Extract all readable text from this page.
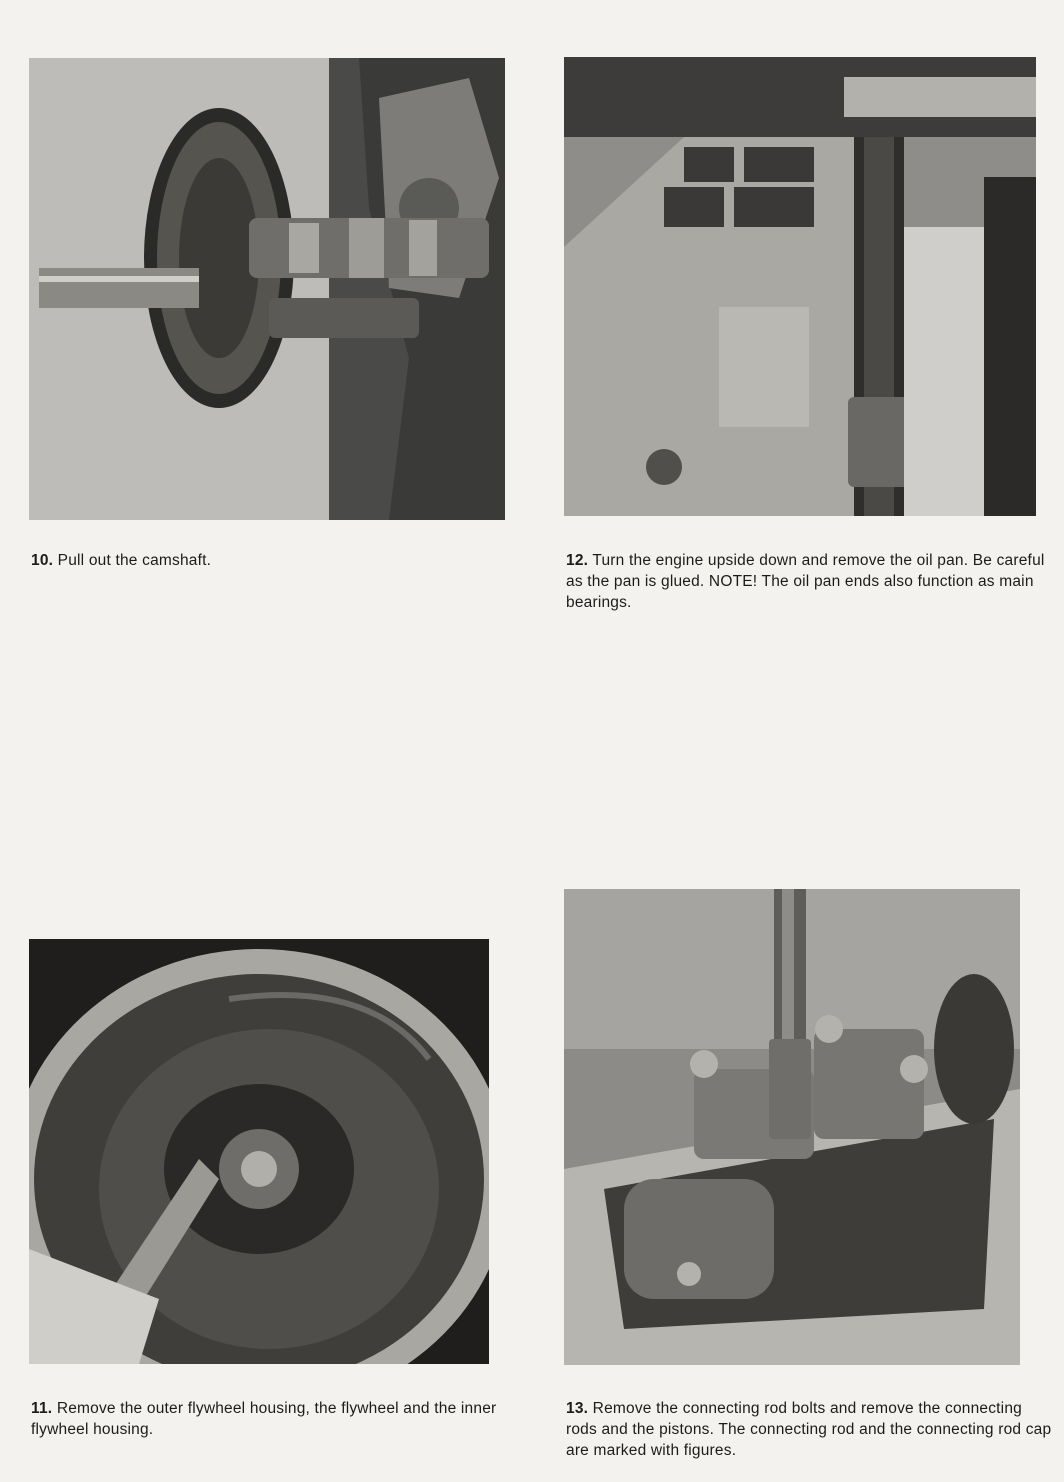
10. Pull out the camshaft.	12. Turn the engine upside down and remove the oil pan. Be careful as the pan is glued. NOTE! The oil pan ends also function as main bearings.
11. Remove the outer flywheel housing, the flywheel and the inner flywheel housing.
13. Remove the connecting rod bolts and remove the connecting rods and the pistons. The connecting rod and the connecting rod cap are marked with figures.
